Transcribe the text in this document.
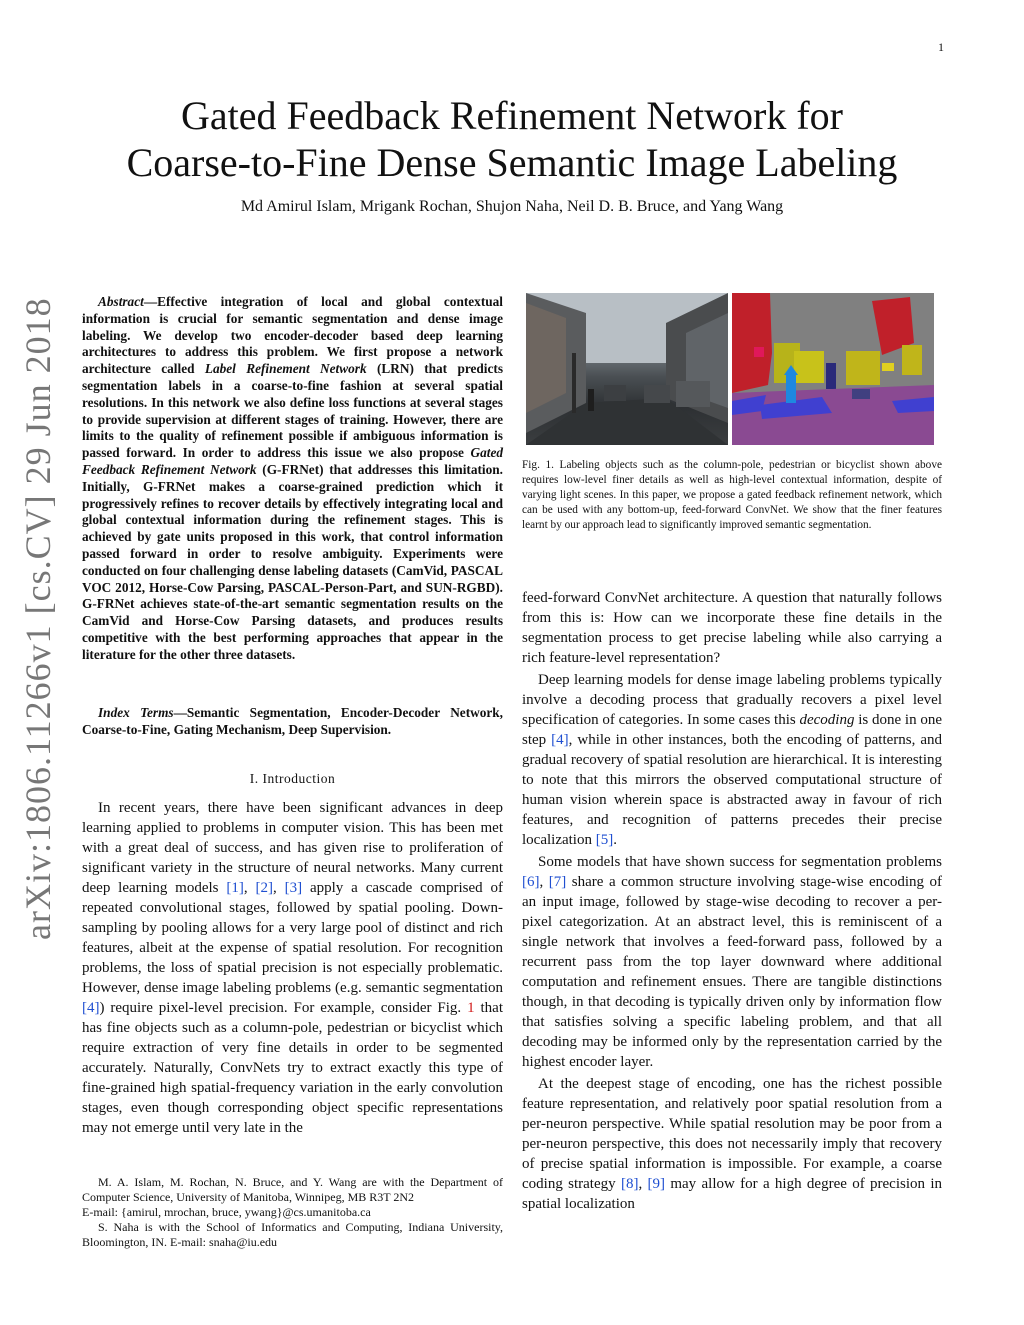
1
arXiv:1806.11266v1 [cs.CV] 29 Jun 2018
Gated Feedback Refinement Network for
Coarse-to-Fine Dense Semantic Image Labeling
Md Amirul Islam, Mrigank Rochan, Shujon Naha, Neil D. B. Bruce, and Yang Wang
Abstract—Effective integration of local and global contextual information is crucial for semantic segmentation and dense image labeling. We develop two encoder-decoder based deep learning architectures to address this problem. We first propose a network architecture called Label Refinement Network (LRN) that predicts segmentation labels in a coarse-to-fine fashion at several spatial resolutions. In this network we also define loss functions at several stages to provide supervision at different stages of training. However, there are limits to the quality of refinement possible if ambiguous information is passed forward. In order to address this issue we also propose Gated Feedback Refinement Network (G-FRNet) that addresses this limitation. Initially, G-FRNet makes a coarse-grained prediction which it progressively refines to recover details by effectively integrating local and global contextual information during the refinement stages. This is achieved by gate units proposed in this work, that control information passed forward in order to resolve ambiguity. Experiments were conducted on four challenging dense labeling datasets (CamVid, PASCAL VOC 2012, Horse-Cow Parsing, PASCAL-Person-Part, and SUN-RGBD). G-FRNet achieves state-of-the-art semantic segmentation results on the CamVid and Horse-Cow Parsing datasets, and produces results competitive with the best performing approaches that appear in the literature for the other three datasets.
Index Terms—Semantic Segmentation, Encoder-Decoder Network, Coarse-to-Fine, Gating Mechanism, Deep Supervision.
I. Introduction

In recent years, there have been significant advances in deep learning applied to problems in computer vision. This has been met with a great deal of success, and has given rise to proliferation of significant variety in the structure of neural networks. Many current deep learning models [1], [2], [3] apply a cascade comprised of repeated convolutional stages, followed by spatial pooling. Down-sampling by pooling allows for a very large pool of distinct and rich features, albeit at the expense of spatial resolution. For recognition problems, the loss of spatial precision is not especially problematic. However, dense image labeling problems (e.g. semantic segmentation [4]) require pixel-level precision. For example, consider Fig. 1 that has fine objects such as a column-pole, pedestrian or bicyclist which require extraction of very fine details in order to be segmented accurately. Naturally, ConvNets try to extract exactly this type of fine-grained high spatial-frequency variation in the early convolution stages, even though corresponding object specific representations may not emerge until very late in the

M. A. Islam, M. Rochan, N. Bruce, and Y. Wang are with the Department of Computer Science, University of Manitoba, Winnipeg, MB R3T 2N2

E-mail: {amirul, mrochan, bruce, ywang}@cs.umanitoba.ca

S. Naha is with the School of Informatics and Computing, Indiana University, Bloomington, IN. E-mail: snaha@iu.edu

Fig. 1. Labeling objects such as the column-pole, pedestrian or bicyclist shown above requires low-level finer details as well as high-level contextual information, despite of varying light scenes. In this paper, we propose a gated feedback refinement network, which can be used with any bottom-up, feed-forward ConvNet. We show that the finer features learnt by our approach lead to significantly improved semantic segmentation.

feed-forward ConvNet architecture. A question that naturally follows from this is: How can we incorporate these fine details in the segmentation process to get precise labeling while also carrying a rich feature-level representation?

Deep learning models for dense image labeling problems typically involve a decoding process that gradually recovers a pixel level specification of categories. In some cases this decoding is done in one step [4], while in other instances, both the encoding of patterns, and gradual recovery of spatial resolution are hierarchical. It is interesting to note that this mirrors the observed computational structure of human vision wherein space is abstracted away in favour of rich features, and recognition of patterns precedes their precise localization [5].

Some models that have shown success for segmentation problems [6], [7] share a common structure involving stage-wise encoding of an input image, followed by stage-wise decoding to recover a per-pixel categorization. At an abstract level, this is reminiscent of a single network that involves a feed-forward pass, followed by a recurrent pass from the top layer downward where additional computation and refinement ensues. There are tangible distinctions though, in that decoding is typically driven only by information flow that satisfies solving a specific labeling problem, and that all decoding may be informed only by the representation carried by the highest encoder layer.

At the deepest stage of encoding, one has the richest possible feature representation, and relatively poor spatial resolution from a per-neuron perspective. While spatial resolution may be poor from a per-neuron perspective, this does not necessarily imply that recovery of precise spatial information is impossible. For example, a coarse coding strategy [8], [9] may allow for a high degree of precision in spatial localization
